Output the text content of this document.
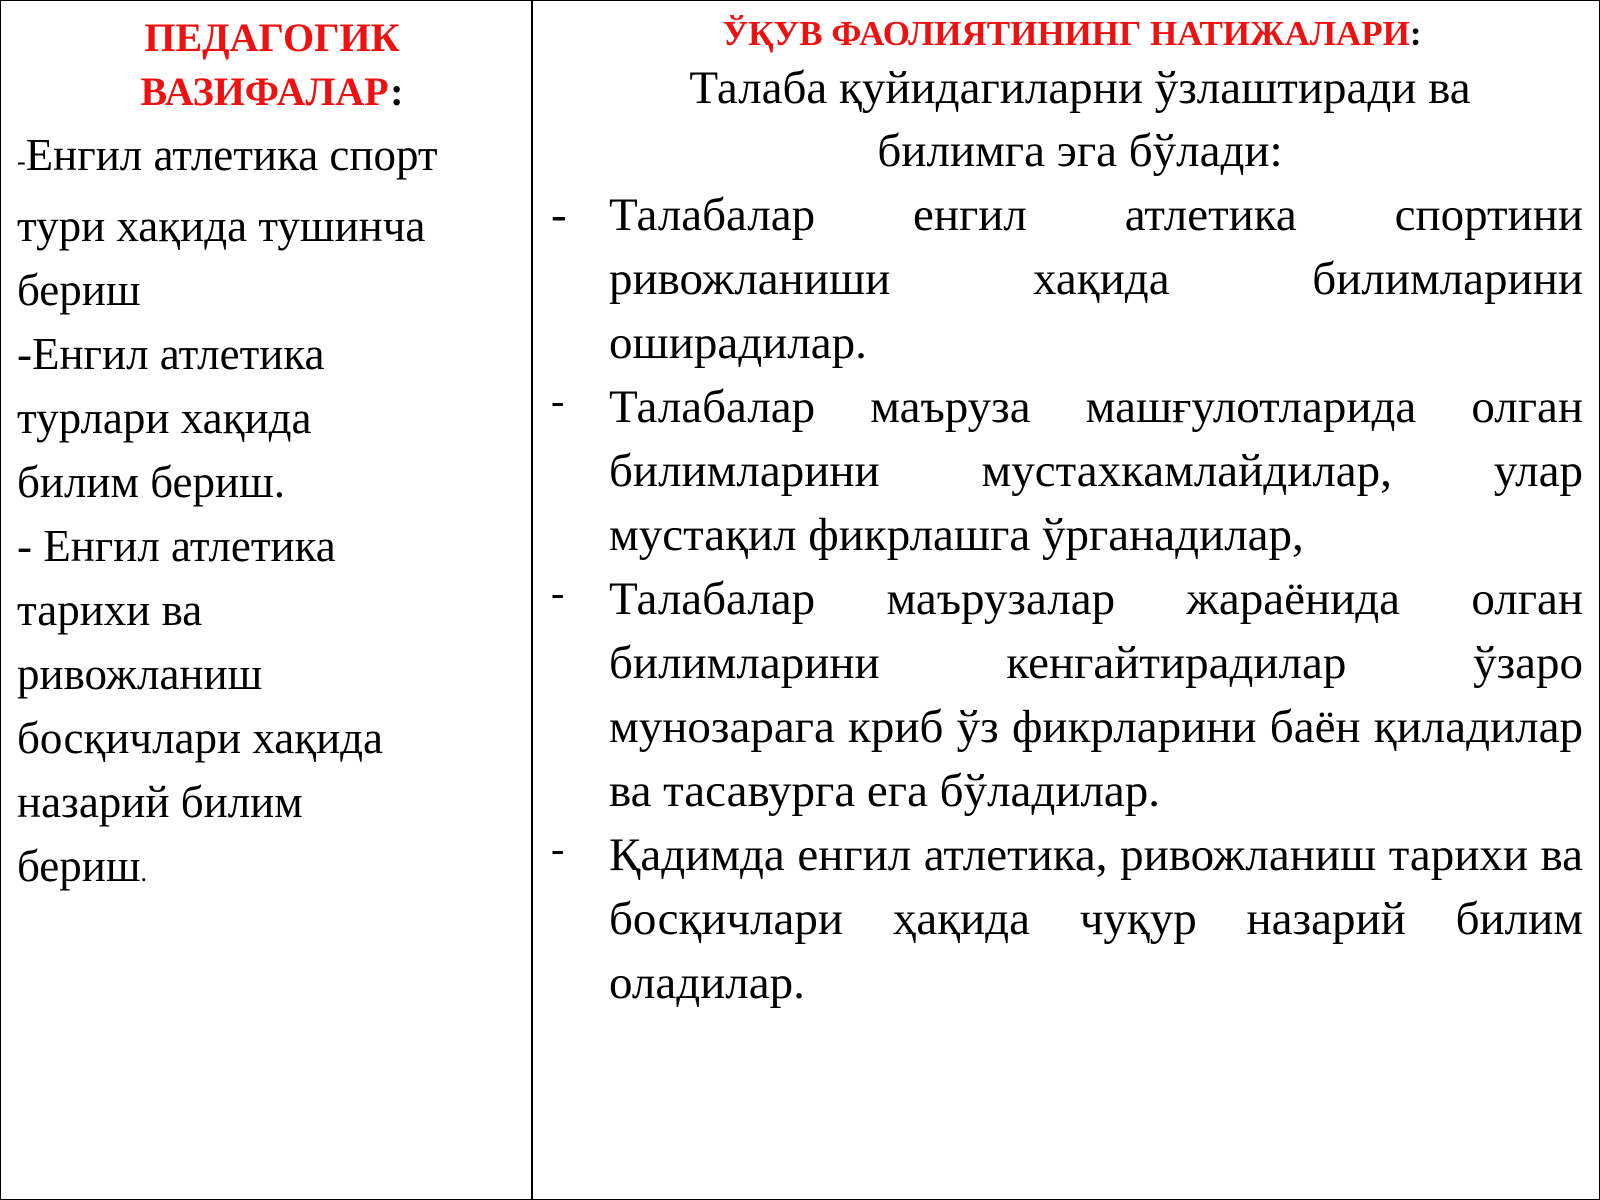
ПЕДАГОГИК
ВАЗИФАЛАР:
-Енгил атлетика спорт
тури хақида тушинча
бериш
-Енгил атлетика
турлари хақида
билим бериш.
- Енгил атлетика
тарихи ва
ривожланиш
босқичлари хақида
назарий билим
бериш.
ЎҚУВ ФАОЛИЯТИНИНГ НАТИЖАЛАРИ:
Талаба қуйидагиларни ўзлаштиради ва
билимга эга бўлади:
- Талабалар енгил атлетика спортини ривожланиши хақида билимларини оширадилар.
- Талабалар маъруза машғулотларида олган билимларини мустахкамлайдилар, улар мустақил фикрлашга ўрганадилар,
- Талабалар маърузалар жараёнида олган билимларини кенгайтирадилар ўзаро мунозарага криб ўз фикрларини баён қиладилар ва тасавурга ега бўладилар.
- Қадимда енгил атлетика, ривожланиш тарихи ва босқичлари ҳақида чуқур назарий билим оладилар.
